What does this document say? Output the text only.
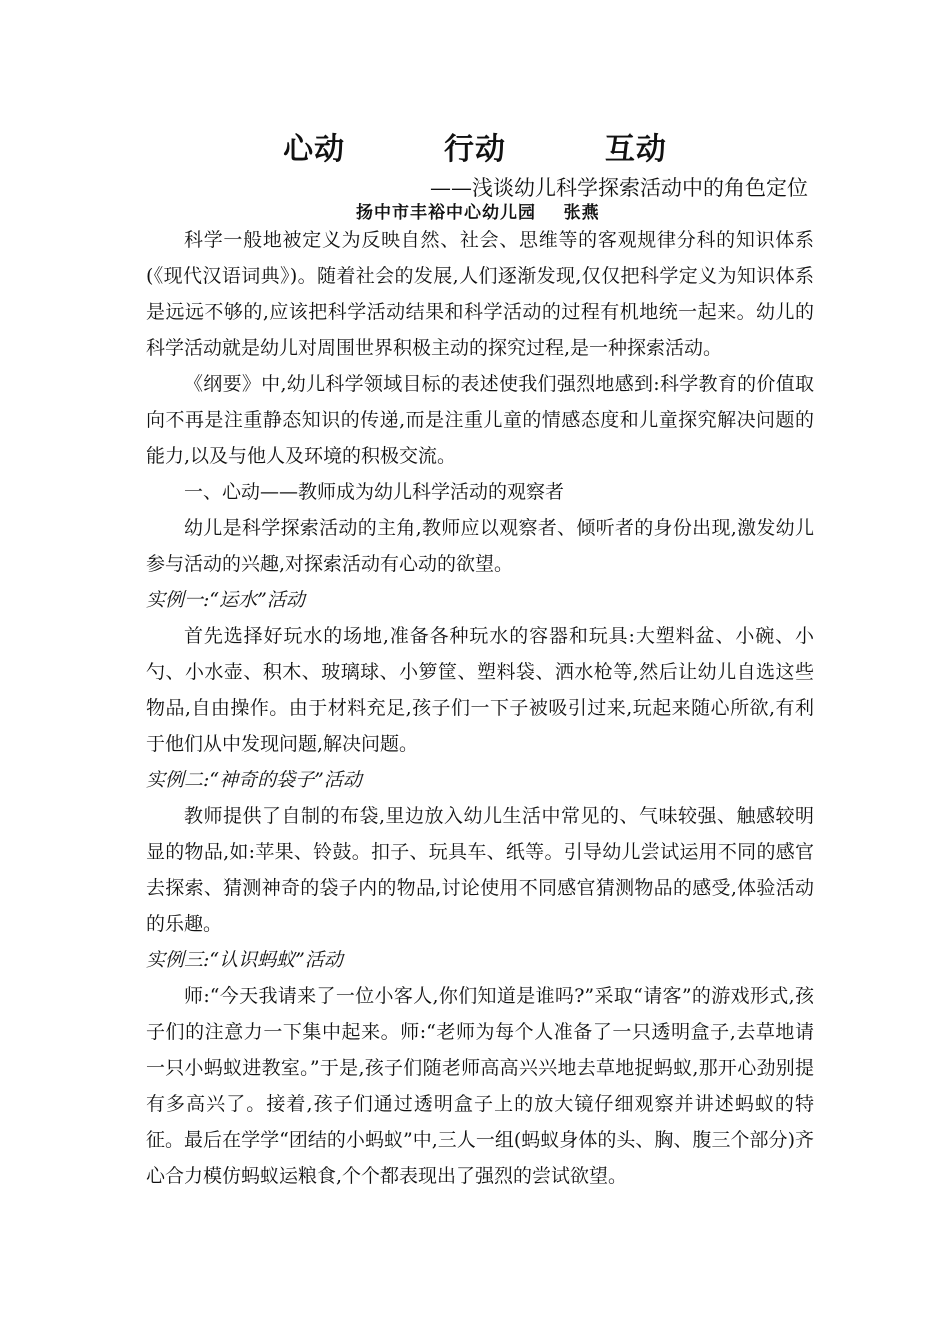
心动  行动  互动
——浅谈幼儿科学探索活动中的角色定位
扬中市丰裕中心幼儿园    张燕

科学一般地被定义为反映自然、社会、思维等的客观规律分科的知识体系(《现代汉语词典》)。随着社会的发展,人们逐渐发现,仅仅把科学定义为知识体系是远远不够的,应该把科学活动结果和科学活动的过程有机地统一起来。幼儿的科学活动就是幼儿对周围世界积极主动的探究过程,是一种探索活动。

《纲要》中,幼儿科学领域目标的表述使我们强烈地感到:科学教育的价值取向不再是注重静态知识的传递,而是注重儿童的情感态度和儿童探究解决问题的能力,以及与他人及环境的积极交流。

一、心动——教师成为幼儿科学活动的观察者

幼儿是科学探索活动的主角,教师应以观察者、倾听者的身份出现,激发幼儿参与活动的兴趣,对探索活动有心动的欲望。

实例一:“运水”活动

首先选择好玩水的场地,准备各种玩水的容器和玩具:大塑料盆、小碗、小勺、小水壶、积木、玻璃球、小箩筐、塑料袋、洒水枪等,然后让幼儿自选这些物品,自由操作。由于材料充足,孩子们一下子被吸引过来,玩起来随心所欲,有利于他们从中发现问题,解决问题。

实例二:“神奇的袋子”活动

教师提供了自制的布袋,里边放入幼儿生活中常见的、气味较强、触感较明显的物品,如:苹果、铃鼓。扣子、玩具车、纸等。引导幼儿尝试运用不同的感官去探索、猜测神奇的袋子内的物品,讨论使用不同感官猜测物品的感受,体验活动的乐趣。

实例三:“认识蚂蚁”活动

师:“今天我请来了一位小客人,你们知道是谁吗?”采取“请客”的游戏形式,孩子们的注意力一下集中起来。师:“老师为每个人准备了一只透明盒子,去草地请一只小蚂蚁进教室。”于是,孩子们随老师高高兴兴地去草地捉蚂蚁,那开心劲别提有多高兴了。接着,孩子们通过透明盒子上的放大镜仔细观察并讲述蚂蚁的特征。最后在学学“团结的小蚂蚁”中,三人一组(蚂蚁身体的头、胸、腹三个部分)齐心合力模仿蚂蚁运粮食,个个都表现出了强烈的尝试欲望。
